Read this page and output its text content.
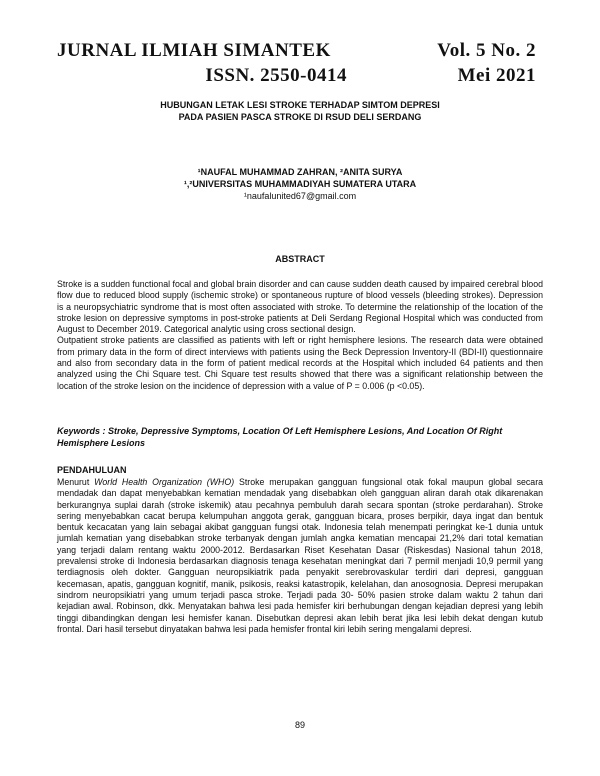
JURNAL ILMIAH SIMANTEK
ISSN. 2550-0414
Vol. 5 No. 2
Mei 2021
HUBUNGAN LETAK LESI STROKE TERHADAP SIMTOM DEPRESI
PADA PASIEN PASCA STROKE DI RSUD DELI SERDANG
¹NAUFAL MUHAMMAD ZAHRAN, ²ANITA SURYA
¹,²UNIVERSITAS MUHAMMADIYAH SUMATERA UTARA
¹naufalunited67@gmail.com
ABSTRACT

Stroke is a sudden functional focal and global brain disorder and can cause sudden death caused by impaired cerebral blood flow due to reduced blood supply (ischemic stroke) or spontaneous rupture of blood vessels (bleeding strokes). Depression is a neuropsychiatric syndrome that is most often associated with stroke. To determine the relationship of the location of the stroke lesion on depressive symptoms in post-stroke patients at Deli Serdang Regional Hospital which was conducted from August to December 2019. Categorical analytic using cross sectional design.

Outpatient stroke patients are classified as patients with left or right hemisphere lesions. The research data were obtained from primary data in the form of direct interviews with patients using the Beck Depression Inventory-II (BDI-II) questionnaire and also from secondary data in the form of patient medical records at the Hospital which included 64 patients and then analyzed using the Chi Square test. Chi Square test results showed that there was a significant relationship between the location of the stroke lesion on the incidence of depression with a value of P = 0.006 (p <0.05).

Keywords : Stroke, Depressive Symptoms, Location Of Left Hemisphere Lesions, And Location Of Right Hemisphere Lesions
PENDAHULUAN

Menurut World Health Organization (WHO) Stroke merupakan gangguan fungsional otak fokal maupun global secara mendadak dan dapat menyebabkan kematian mendadak yang disebabkan oleh gangguan aliran darah otak dikarenakan berkurangnya suplai darah (stroke iskemik) atau pecahnya pembuluh darah secara spontan (stroke perdarahan). Stroke sering menyebabkan cacat berupa kelumpuhan anggota gerak, gangguan bicara, proses berpikir, daya ingat dan bentuk bentuk kecacatan yang lain sebagai akibat gangguan fungsi otak. Indonesia telah menempati peringkat ke-1 dunia untuk jumlah kematian yang disebabkan stroke terbanyak dengan jumlah angka kematian mencapai 21,2% dari total kematian yang terjadi dalam rentang waktu 2000-2012. Berdasarkan Riset Kesehatan Dasar (Riskesdas) Nasional tahun 2018, prevalensi stroke di Indonesia berdasarkan diagnosis tenaga kesehatan meningkat dari 7 permil menjadi 10,9 permil yang terdiagnosis oleh dokter. Gangguan neuropsikiatrik pada penyakit serebrovaskular terdiri dari depresi, gangguan kecemasan, apatis, gangguan kognitif, manik, psikosis, reaksi katastropik, kelelahan, dan anosognosia. Depresi merupakan sindrom neuropsikiatri yang umum terjadi pasca stroke. Terjadi pada 30- 50% pasien stroke dalam waktu 2 tahun dari kejadian awal. Robinson, dkk. Menyatakan bahwa lesi pada hemisfer kiri berhubungan dengan kejadian depresi yang lebih tinggi dibandingkan dengan lesi hemisfer kanan. Disebutkan depresi akan lebih berat jika lesi lebih dekat dengan kutub frontal. Dari hasil tersebut dinyatakan bahwa lesi pada hemisfer frontal kiri lebih sering mengalami depresi.

89
